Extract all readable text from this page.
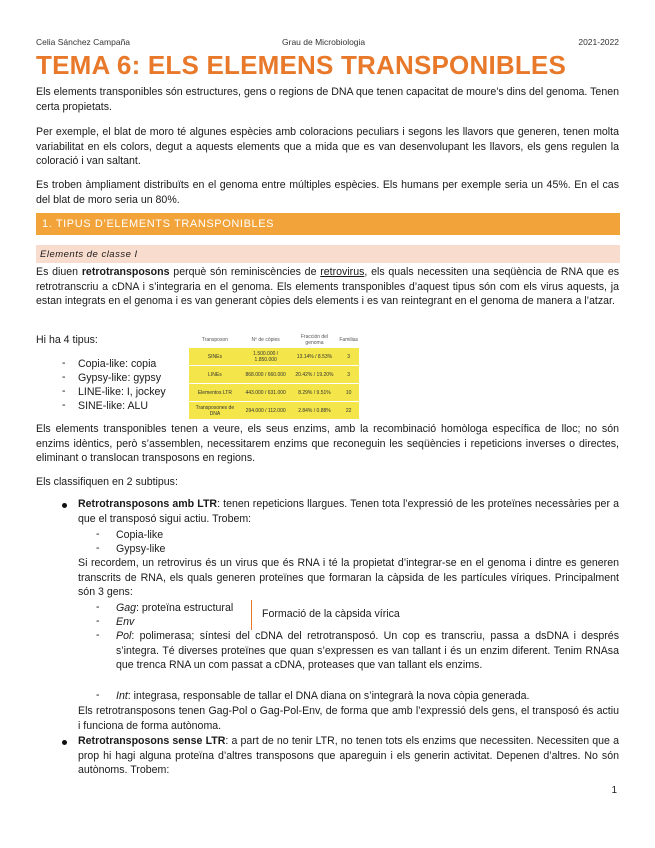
Celia Sánchez Campaña	Grau de Microbiologia	2021-2022
TEMA 6: ELS ELEMENS TRANSPONIBLES

Els elements transponibles són estructures, gens o regions de DNA que tenen capacitat de moure’s dins del genoma. Tenen certa propietats.

Per exemple, el blat de moro té algunes espècies amb coloracions peculiars i segons les llavors que generen, tenen molta variabilitat en els colors, degut a aquests elements que a mida que es van desenvolupant les llavors, els gens regulen la coloració i van saltant.

Es troben àmpliament distribuïts en el genoma entre múltiples espècies. Els humans per exemple seria un 45%. En el cas del blat de moro seria un 80%.

1. TIPUS D’ELEMENTS TRANSPONIBLES
Elements de classe I

Es diuen retrotransposons perquè són reminiscències de retrovirus, els quals necessiten una seqüència de RNA que es retrotranscriu a cDNA i s’integraria en el genoma. Els elements transponibles d’aquest tipus són com els virus aquests, ja estan integrats en el genoma i es van generant còpies dels elements i es van reintegrant en el genoma de manera a l’atzar.

Hi ha 4 tipus:
- Copia-like: copia
- Gypsy-like: gypsy
- LINE-like: I, jockey
- SINE-like: ALU
Transposon	Nº de còpies	Fracción del genoma	Familias
SINEs	1.500.000 / 1.850.000	13.14% / 8.53%	3
LINEs	868.000 / 660.000	20.42% / 19.20%	3
Elementos LTR	443.000 / 631.000	8.29% / 9.51%	10
Transposones de DNA	294.000 / 112.000	2.84% / 0.88%	22

Els elements transponibles tenen a veure, els seus enzims, amb la recombinació homòloga específica de lloc; no són enzims idèntics, però s’assemblen, necessitarem enzims que reconeguin les seqüències i repeticions inverses o directes, eliminant o translocan transposons en regions.

Els classifiquen en 2 subtipus:

Retrotransposons amb LTR: tenen repeticions llargues. Tenen tota l’expressió de les proteïnes necessàries per a que el transposó sigui actiu. Trobem:

- Copia-like
- Gypsy-like

Si recordem, un retrovirus és un virus que és RNA i té la propietat d’integrar-se en el genoma i dintre es generen transcrits de RNA, els quals generen proteïnes que formaran la càpsida de les partícules víriques. Principalment són 3 gens:

- Gag: proteïna estructural
- Env
Formació de la càpsida vírica
- Pol: polimerasa; síntesi del cDNA del retrotransposó. Un cop es transcriu, passa a dsDNA i després s’integra. Té diverses proteïnes que quan s’expressen es van tallant i és un enzim diferent. Tenim RNAsa que trenca RNA un com passat a cDNA, proteases que van tallant els enzims.

- Int: integrasa, responsable de tallar el DNA diana on s’integrarà la nova còpia generada.

Els retrotransposons tenen Gag-Pol o Gag-Pol-Env, de forma que amb l’expressió dels gens, el transposó és actiu i funciona de forma autònoma.

Retrotransposons sense LTR: a part de no tenir LTR, no tenen tots els enzims que necessiten. Necessiten que a prop hi hagi alguna proteïna d’altres transposons que apareguin i els generin activitat. Depenen d’altres. No són autònoms. Trobem:

1
